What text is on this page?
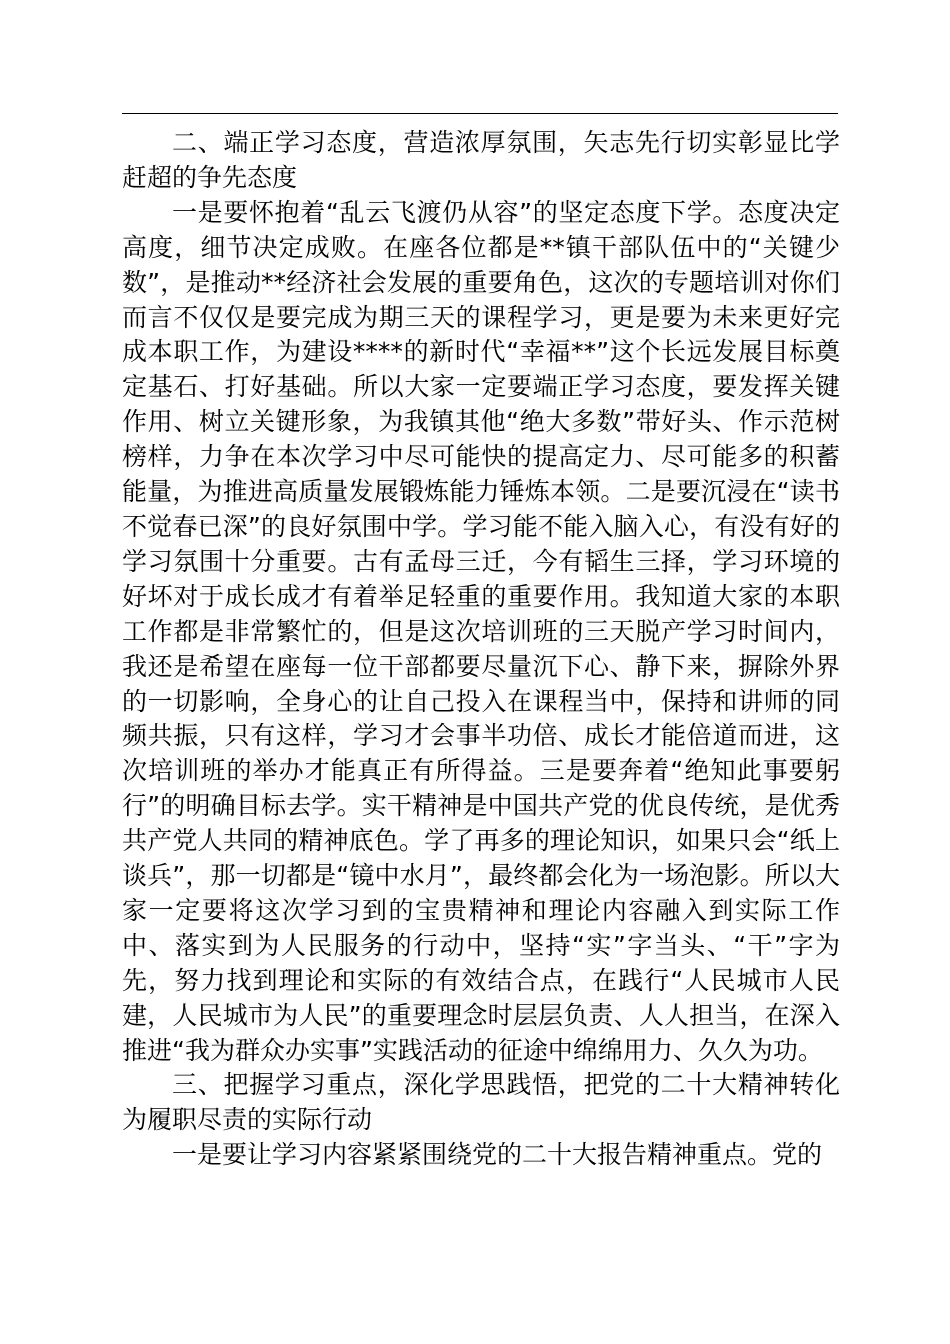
二、端正学习态度，营造浓厚氛围，矢志先行切实彰显比学赶超的争先态度

一是要怀抱着“乱云飞渡仍从容”的坚定态度下学。态度决定高度，细节决定成败。在座各位都是**镇干部队伍中的“关键少数”，是推动**经济社会发展的重要角色，这次的专题培训对你们而言不仅仅是要完成为期三天的课程学习，更是要为未来更好完成本职工作，为建设****的新时代“幸福**”这个长远发展目标奠定基石、打好基础。所以大家一定要端正学习态度，要发挥关键作用、树立关键形象，为我镇其他“绝大多数”带好头、作示范树榜样，力争在本次学习中尽可能快的提高定力、尽可能多的积蓄能量，为推进高质量发展锻炼能力锤炼本领。二是要沉浸在“读书不觉春已深”的良好氛围中学。学习能不能入脑入心，有没有好的学习氛围十分重要。古有孟母三迁，今有韬生三择，学习环境的好坏对于成长成才有着举足轻重的重要作用。我知道大家的本职工作都是非常繁忙的，但是这次培训班的三天脱产学习时间内，我还是希望在座每一位干部都要尽量沉下心、静下来，摒除外界的一切影响，全身心的让自己投入在课程当中，保持和讲师的同频共振，只有这样，学习才会事半功倍、成长才能倍道而进，这次培训班的举办才能真正有所得益。三是要奔着“绝知此事要躬行”的明确目标去学。实干精神是中国共产党的优良传统，是优秀共产党人共同的精神底色。学了再多的理论知识，如果只会“纸上谈兵”，那一切都是“镜中水月”，最终都会化为一场泡影。所以大家一定要将这次学习到的宝贵精神和理论内容融入到实际工作中、落实到为人民服务的行动中，坚持“实”字当头、“干”字为先，努力找到理论和实际的有效结合点，在践行“人民城市人民建，人民城市为人民”的重要理念时层层负责、人人担当，在深入推进“我为群众办实事”实践活动的征途中绵绵用力、久久为功。

三、把握学习重点，深化学思践悟，把党的二十大精神转化为履职尽责的实际行动

一是要让学习内容紧紧围绕党的二十大报告精神重点。党的
